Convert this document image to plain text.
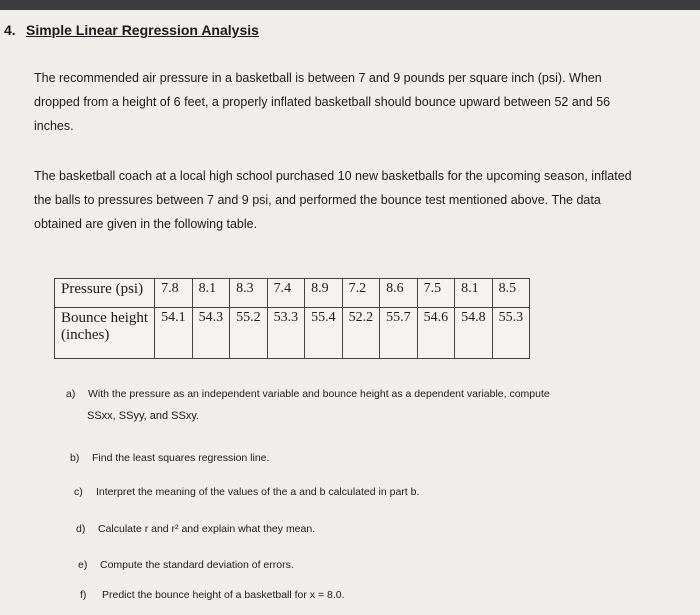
4. Simple Linear Regression Analysis
The recommended air pressure in a basketball is between 7 and 9 pounds per square inch (psi). When
dropped from a height of 6 feet, a properly inflated basketball should bounce upward between 52 and 56
inches.
The basketball coach at a local high school purchased 10 new basketballs for the upcoming season, inflated
the balls to pressures between 7 and 9 psi, and performed the bounce test mentioned above. The data
obtained are given in the following table.
Pressure (psi)	7.8	8.1	8.3	7.4	8.9	7.2	8.6	7.5	8.1	8.5

Bounce height
(inches)	54.1	54.3	55.2	53.3	55.4	52.2	55.7	54.6	54.8	55.3
a) With the pressure as an independent variable and bounce height as a dependent variable, compute
SSxx, SSyy, and SSxy.
b) Find the least squares regression line.
c) Interpret the meaning of the values of the a and b calculated in part b.
d) Calculate r and r² and explain what they mean.
e) Compute the standard deviation of errors.
f) Predict the bounce height of a basketball for x = 8.0.
